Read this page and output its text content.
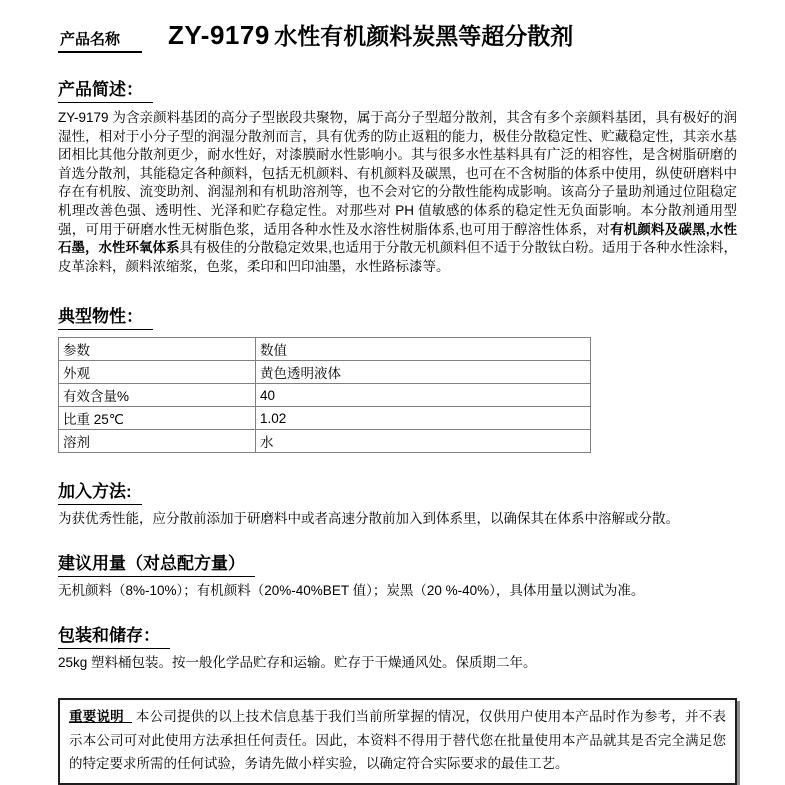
产品名称	ZY-9179 水性有机颜料炭黑等超分散剂
产品简述：
ZY-9179 为含亲颜料基团的高分子型嵌段共聚物，属于高分子型超分散剂，其含有多个亲颜料基团，具有极好的润湿性，相对于小分子型的润湿分散剂而言，具有优秀的防止返粗的能力，极佳分散稳定性、贮藏稳定性，其亲水基团相比其他分散剂更少，耐水性好，对漆膜耐水性影响小。其与很多水性基料具有广泛的相容性，是含树脂研磨的首选分散剂，其能稳定各种颜料，包括无机颜料、有机颜料及碳黑，也可在不含树脂的体系中使用，纵使研磨料中存在有机胺、流变助剂、润湿剂和有机助溶剂等，也不会对它的分散性能构成影响。该高分子量助剂通过位阻稳定机理改善色强、透明性、光泽和贮存稳定性。对那些对 PH 值敏感的体系的稳定性无负面影响。本分散剂通用型强，可用于研磨水性无树脂色浆，适用各种水性及水溶性树脂体系,也可用于醇溶性体系，对有机颜料及碳黑,水性石墨，水性环氧体系具有极佳的分散稳定效果,也适用于分散无机颜料但不适于分散钛白粉。适用于各种水性涂料，皮革涂料，颜料浓缩浆，色浆，柔印和凹印油墨，水性路标漆等。
典型物性：
参数	数值
外观	黄色透明液体
有效含量%	40
比重 25℃	1.02
溶剂	水
加入方法:
为获优秀性能，应分散前添加于研磨料中或者高速分散前加入到体系里，以确保其在体系中溶解或分散。
建议用量（对总配方量）
无机颜料（8%-10%）；有机颜料（20%-40%BET 值）；炭黑（20 %-40%），具体用量以测试为准。
包装和储存：
25kg 塑料桶包装。按一般化学品贮存和运输。贮存于干燥通风处。保质期二年。
重要说明 本公司提供的以上技术信息基于我们当前所掌握的情况，仅供用户使用本产品时作为参考，并不表示本公司可对此使用方法承担任何责任。因此，本资料不得用于替代您在批量使用本产品就其是否完全满足您的特定要求所需的任何试验，务请先做小样实验，以确定符合实际要求的最佳工艺。
